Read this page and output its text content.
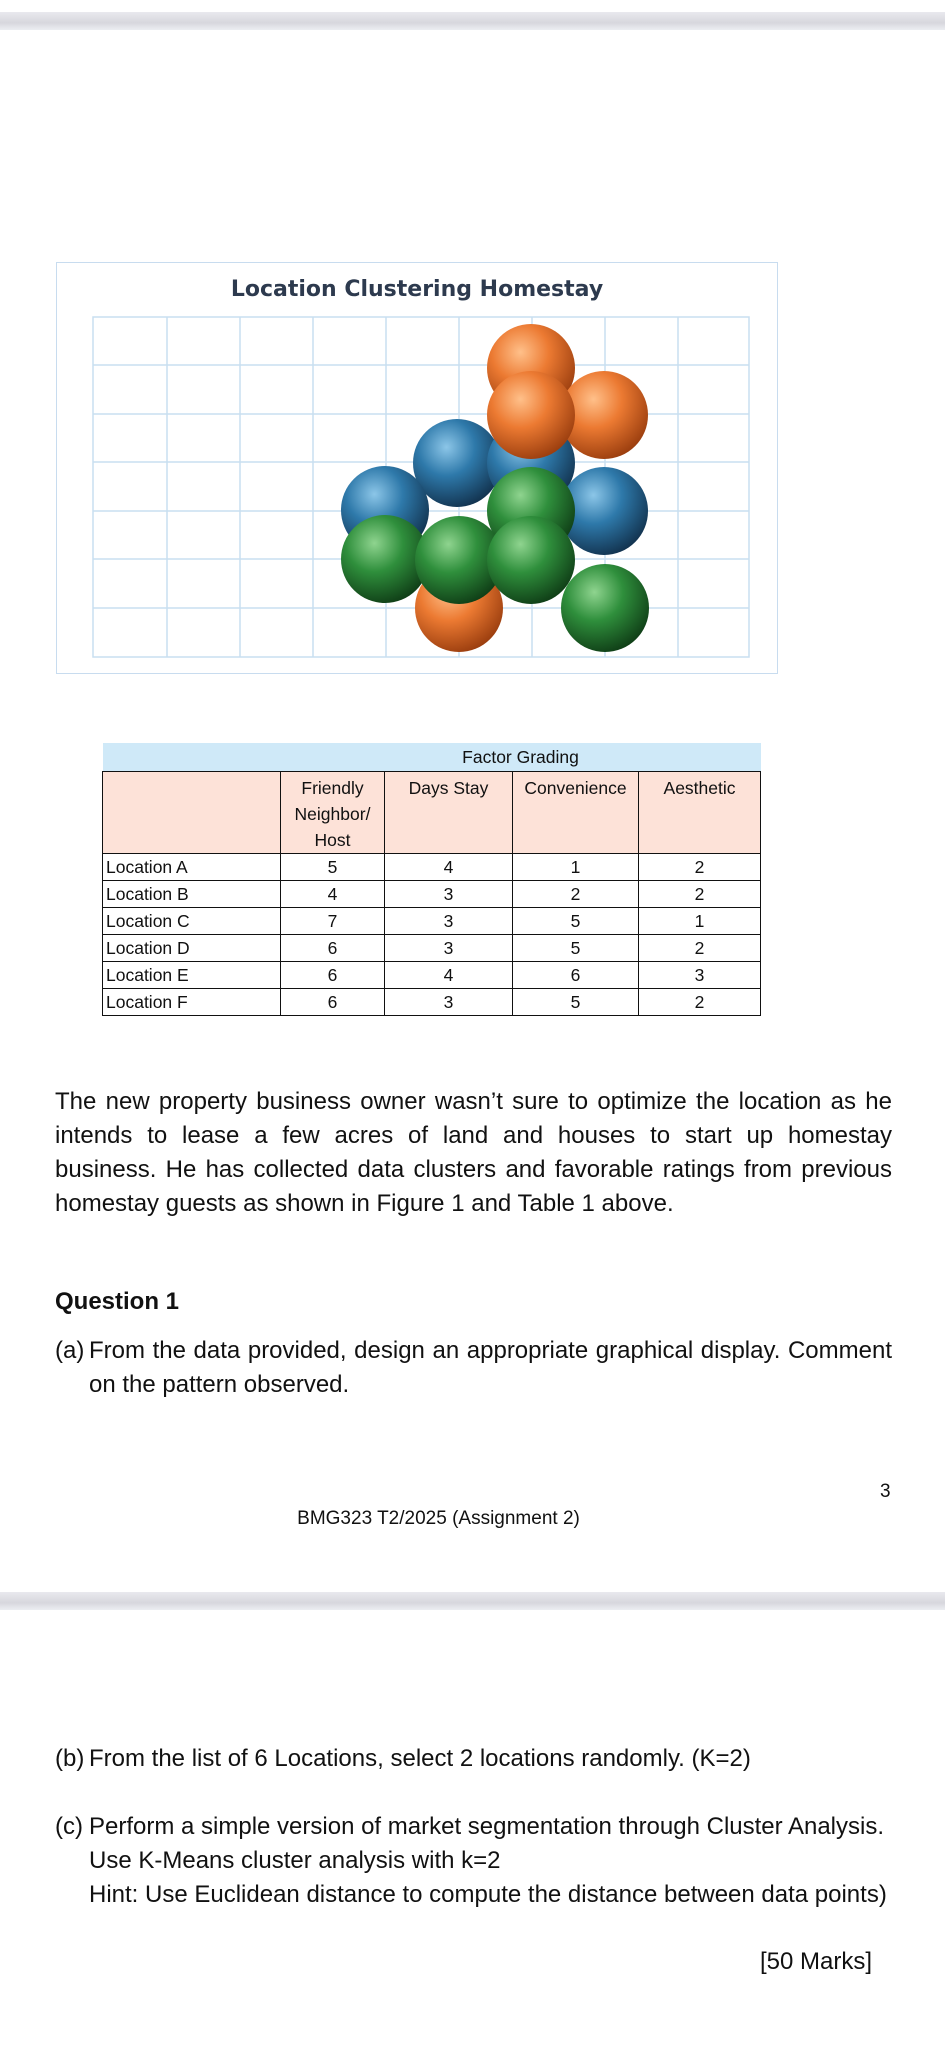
Location Clustering Homestay
	Factor Grading			

	Friendly
Neighbor/
Host	Days Stay	Convenience	Aesthetic
Location A	5	4	1	2
Location B	4	3	2	2
Location C	7	3	5	1
Location D	6	3	5	2
Location E	6	4	6	3
Location F	6	3	5	2
The new property business owner wasn’t sure to optimize the location as he intends to lease a few acres of land and houses to start up homestay business. He has collected data clusters and favorable ratings from previous homestay guests as shown in Figure 1 and Table 1 above.
Question 1
(a) From the data provided, design an appropriate graphical display. Comment on the pattern observed.
3
BMG323 T2/2025 (Assignment 2)
(b) From the list of 6 Locations, select 2 locations randomly. (K=2)
(c) Perform a simple version of market segmentation through Cluster Analysis.
Use K-Means cluster analysis with k=2
Hint: Use Euclidean distance to compute the distance between data points)
[50 Marks]
